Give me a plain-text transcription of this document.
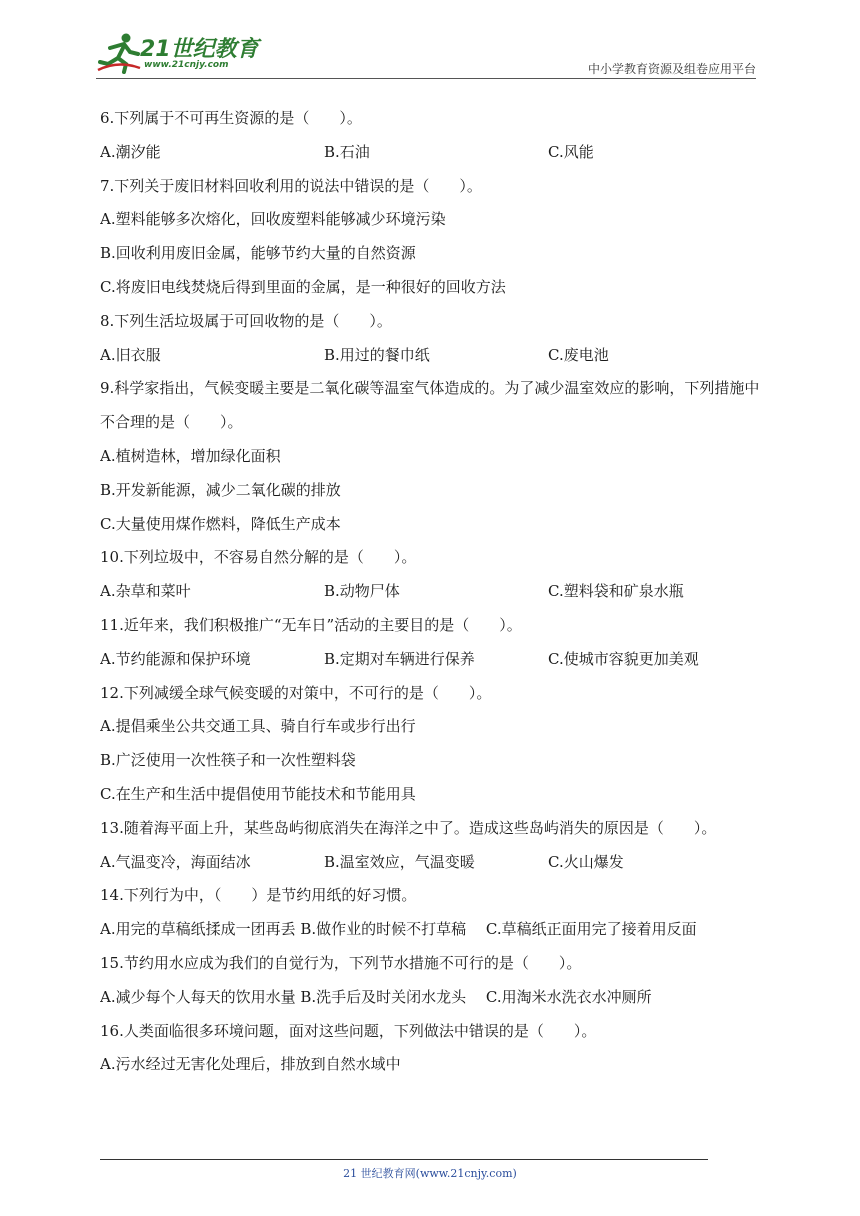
21世纪教育
www.21cnjy.com	中小学教育资源及组卷应用平台
6.下列属于不可再生资源的是（　　）。
A.潮汐能	B.石油	C.风能
7.下列关于废旧材料回收利用的说法中错误的是（　　）。
A.塑料能够多次熔化，回收废塑料能够减少环境污染
B.回收利用废旧金属，能够节约大量的自然资源
C.将废旧电线焚烧后得到里面的金属，是一种很好的回收方法
8.下列生活垃圾属于可回收物的是（　　）。
A.旧衣服	B.用过的餐巾纸	C.废电池
9.科学家指出，气候变暖主要是二氧化碳等温室气体造成的。为了减少温室效应的影响，下列措施中不合理的是（　　）。
A.植树造林，增加绿化面积
B.开发新能源，减少二氧化碳的排放
C.大量使用煤作燃料，降低生产成本
10.下列垃圾中，不容易自然分解的是（　　）。
A.杂草和菜叶	B.动物尸体	C.塑料袋和矿泉水瓶
11.近年来，我们积极推广“无车日”活动的主要目的是（　　）。
A.节约能源和保护环境	B.定期对车辆进行保养	C.使城市容貌更加美观
12.下列减缓全球气候变暖的对策中，不可行的是（　　）。
A.提倡乘坐公共交通工具、骑自行车或步行出行
B.广泛使用一次性筷子和一次性塑料袋
C.在生产和生活中提倡使用节能技术和节能用具
13.随着海平面上升，某些岛屿彻底消失在海洋之中了。造成这些岛屿消失的原因是（　　）。
A.气温变冷，海面结冰	B.温室效应，气温变暖	C.火山爆发
14.下列行为中，（　　）是节约用纸的好习惯。
A.用完的草稿纸揉成一团再丢 B.做作业的时候不打草稿　 C.草稿纸正面用完了接着用反面
15.节约用水应成为我们的自觉行为，下列节水措施不可行的是（　　）。
A.减少每个人每天的饮用水量 B.洗手后及时关闭水龙头　 C.用淘米水洗衣水冲厕所
16.人类面临很多环境问题，面对这些问题，下列做法中错误的是（　　）。
A.污水经过无害化处理后，排放到自然水域中
21 世纪教育网(www.21cnjy.com)
